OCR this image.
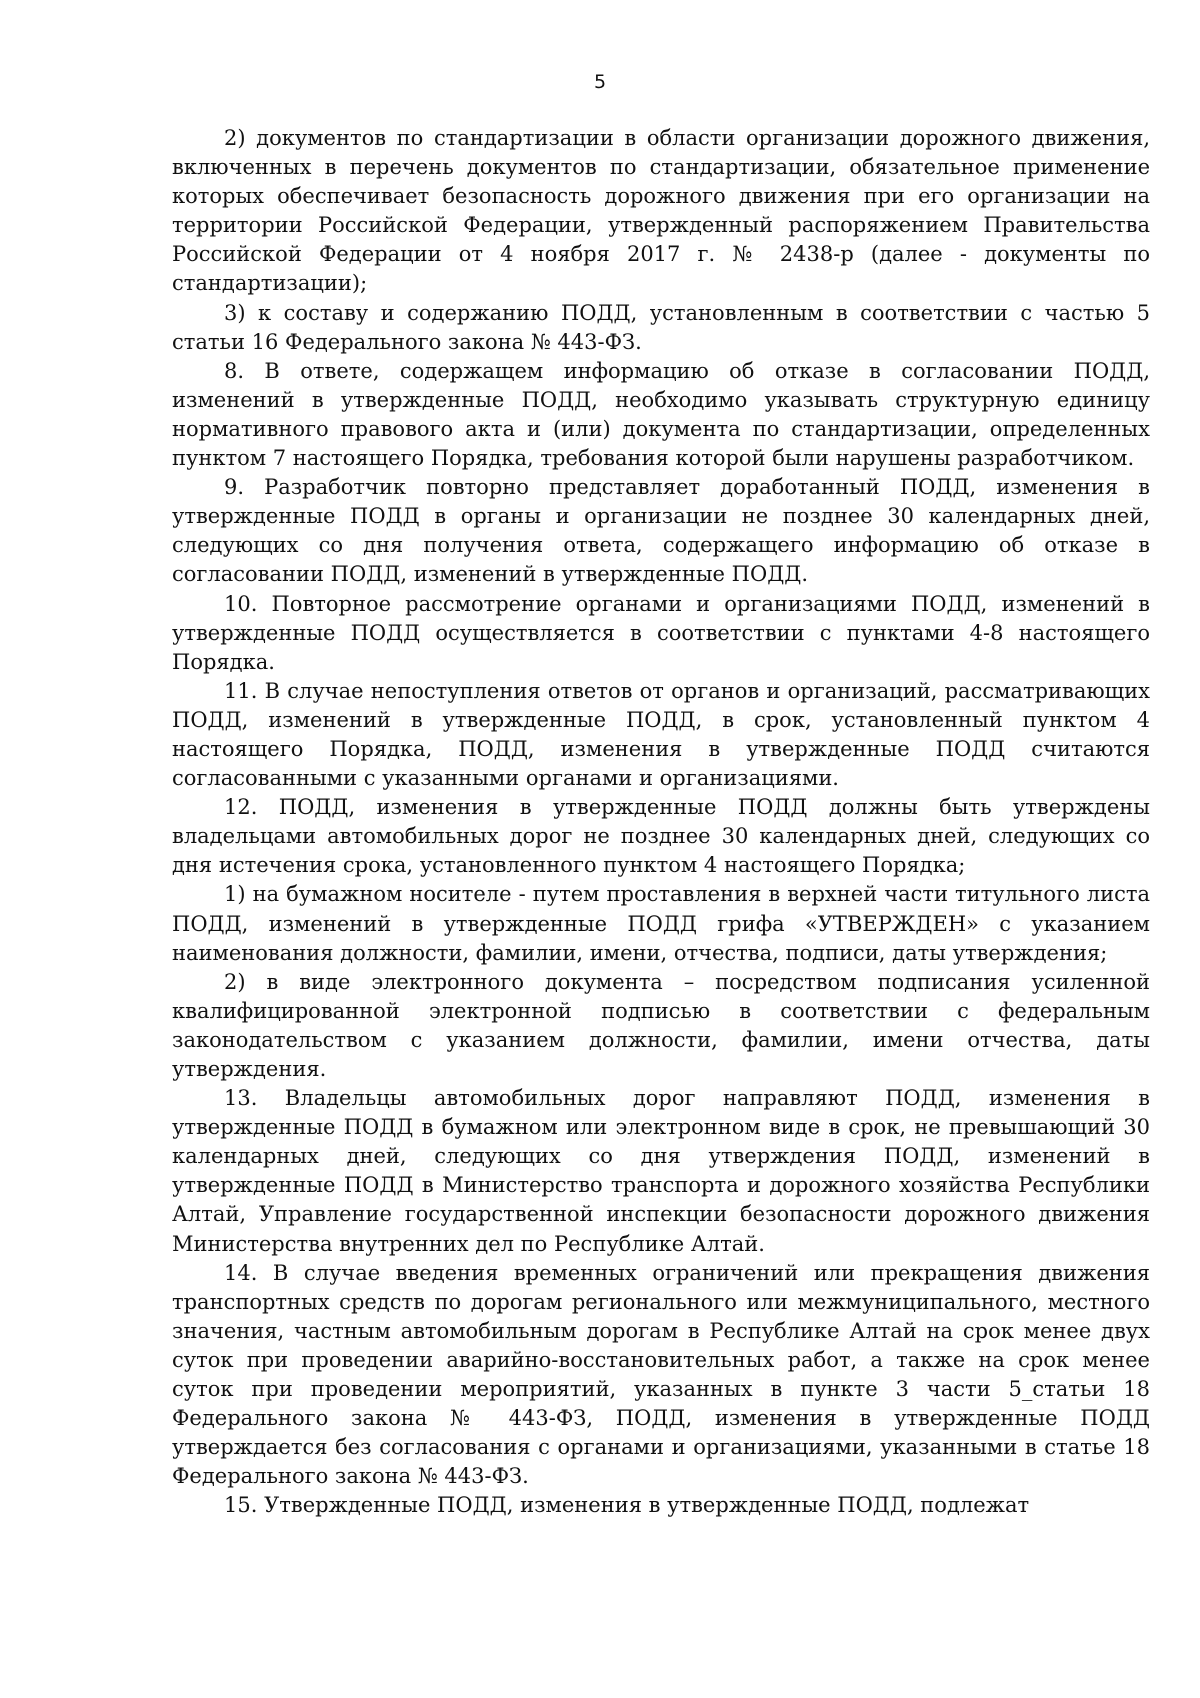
5

2) документов по стандартизации в области организации дорожного движения, включенных в перечень документов по стандартизации, обязательное применение которых обеспечивает безопасность дорожного движения при его организации на территории Российской Федерации, утвержденный распоряжением Правительства Российской Федерации от 4 ноября 2017 г. № 2438-р (далее - документы по стандартизации);

3) к составу и содержанию ПОДД, установленным в соответствии с частью 5 статьи 16 Федерального закона № 443-ФЗ.

8. В ответе, содержащем информацию об отказе в согласовании ПОДД, изменений в утвержденные ПОДД, необходимо указывать структурную единицу нормативного правового акта и (или) документа по стандартизации, определенных пунктом 7 настоящего Порядка, требования которой были нарушены разработчиком.

9. Разработчик повторно представляет доработанный ПОДД, изменения в утвержденные ПОДД в органы и организации не позднее 30 календарных дней, следующих со дня получения ответа, содержащего информацию об отказе в согласовании ПОДД, изменений в утвержденные ПОДД.

10. Повторное рассмотрение органами и организациями ПОДД, изменений в утвержденные ПОДД осуществляется в соответствии с пунктами 4-8 настоящего Порядка.

11. В случае непоступления ответов от органов и организаций, рассматривающих ПОДД, изменений в утвержденные ПОДД, в срок, установленный пунктом 4 настоящего Порядка, ПОДД, изменения в утвержденные ПОДД считаются согласованными с указанными органами и организациями.

12. ПОДД, изменения в утвержденные ПОДД должны быть утверждены владельцами автомобильных дорог не позднее 30 календарных дней, следующих со дня истечения срока, установленного пунктом 4 настоящего Порядка;

1) на бумажном носителе - путем проставления в верхней части титульного листа ПОДД, изменений в утвержденные ПОДД грифа «УТВЕРЖДЕН» с указанием наименования должности, фамилии, имени, отчества, подписи, даты утверждения;

2) в виде электронного документа – посредством подписания усиленной квалифицированной электронной подписью в соответствии с федеральным законодательством с указанием должности, фамилии, имени отчества, даты утверждения.

13. Владельцы автомобильных дорог направляют ПОДД, изменения в утвержденные ПОДД в бумажном или электронном виде в срок, не превышающий 30 календарных дней, следующих со дня утверждения ПОДД, изменений в утвержденные ПОДД в Министерство транспорта и дорожного хозяйства Республики Алтай, Управление государственной инспекции безопасности дорожного движения Министерства внутренних дел по Республике Алтай.

14. В случае введения временных ограничений или прекращения движения транспортных средств по дорогам регионального или межмуниципального, местного значения, частным автомобильным дорогам в Республике Алтай на срок менее двух суток при проведении аварийно-восстановительных работ, а также на срок менее суток при проведении мероприятий, указанных в пункте 3 части 5_статьи 18 Федерального закона № 443-ФЗ, ПОДД, изменения в утвержденные ПОДД утверждается без согласования с органами и организациями, указанными в статье 18 Федерального закона № 443-ФЗ.

15. Утвержденные ПОДД, изменения в утвержденные ПОДД, подлежат
